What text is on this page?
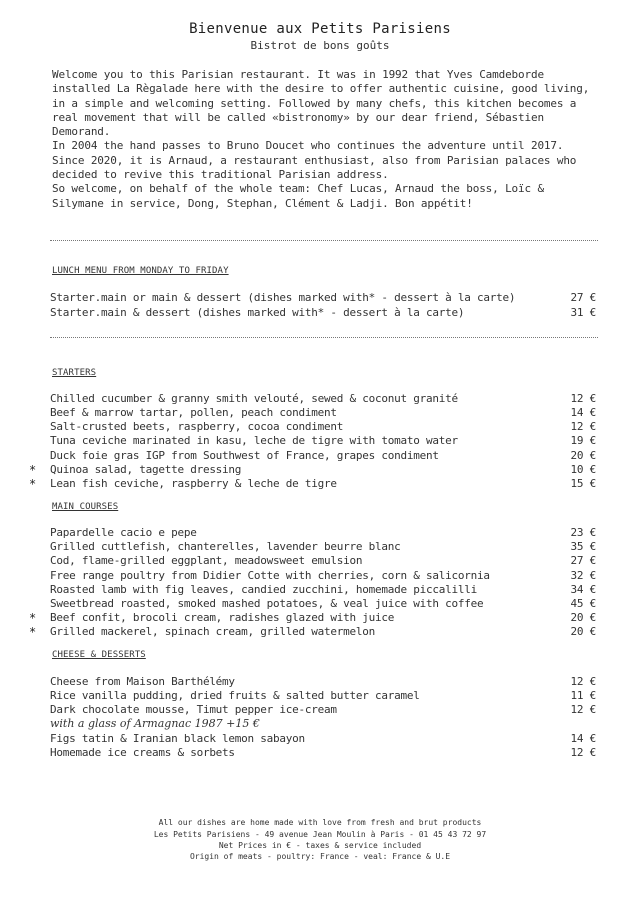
Bienvenue aux Petits Parisiens
Bistrot de bons goûts

Welcome you to this Parisian restaurant. It was in 1992 that Yves Camdeborde installed La Règalade here with the desire to offer authentic cuisine, good living, in a simple and welcoming setting. Followed by many chefs, this kitchen becomes a real movement that will be called «bistronomy» by our dear friend, Sébastien Demorand.

In 2004 the hand passes to Bruno Doucet who continues the adventure until 2017. Since 2020, it is Arnaud, a restaurant enthusiast, also from Parisian palaces who decided to revive this traditional Parisian address.

So welcome, on behalf of the whole team: Chef Lucas, Arnaud the boss, Loïc & Silymane in service, Dong, Stephan, Clément & Ladji. Bon appétit!

LUNCH MENU FROM MONDAY TO FRIDAY
Starter.main or main & dessert (dishes marked with* - dessert à la carte)	27 €
Starter.main & dessert (dishes marked with* - dessert à la carte)	31 €
STARTERS
Chilled cucumber & granny smith velouté, sewed & coconut granité	12 €
Beef & marrow tartar, pollen, peach condiment	14 €
Salt-crusted beets, raspberry, cocoa condiment	12 €
Tuna ceviche marinated in kasu, leche de tigre with tomato water	19 €
Duck foie gras IGP from Southwest of France, grapes condiment	20 €
* Quinoa salad, tagette dressing	10 €
* Lean fish ceviche, raspberry & leche de tigre	15 €
MAIN COURSES
Papardelle cacio e pepe	23 €
Grilled cuttlefish, chanterelles, lavender beurre blanc	35 €
Cod, flame-grilled eggplant, meadowsweet emulsion	27 €
Free range poultry from Didier Cotte with cherries, corn & salicornia	32 €
Roasted lamb with fig leaves, candied zucchini, homemade piccalilli	34 €
Sweetbread roasted, smoked mashed potatoes, & veal juice with coffee	45 €
* Beef confit, brocoli cream, radishes glazed with juice	20 €
* Grilled mackerel, spinach cream, grilled watermelon	20 €
CHEESE & DESSERTS
Cheese from Maison Barthélémy	12 €
Rice vanilla pudding, dried fruits & salted butter caramel	11 €
Dark chocolate mousse, Timut pepper ice-cream	12 €
with a glass of Armagnac 1987 +15 €
Figs tatin & Iranian black lemon sabayon	14 €
Homemade ice creams & sorbets	12 €
All our dishes are home made with love from fresh and brut products
Les Petits Parisiens - 49 avenue Jean Moulin à Paris - 01 45 43 72 97
Net Prices in € - taxes & service included
Origin of meats - poultry: France - veal: France & U.E
